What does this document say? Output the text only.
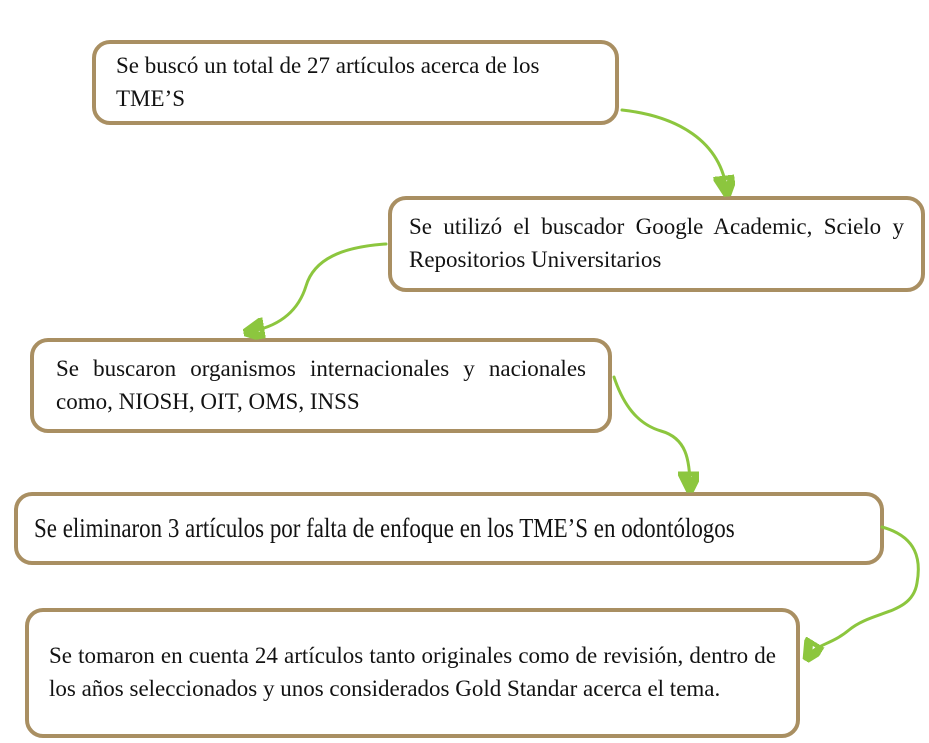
Se buscó un total de 27 artículos acerca de los TME’S
Se utilizó el buscador Google Academic, Scielo y Repositorios Universitarios
Se buscaron organismos internacionales y nacionales como, NIOSH, OIT, OMS, INSS
Se eliminaron 3 artículos por falta de enfoque en los TME’S en odontólogos
Se tomaron en cuenta 24 artículos tanto originales como de revisión, dentro de los años seleccionados y unos considerados Gold Standar acerca el tema.
